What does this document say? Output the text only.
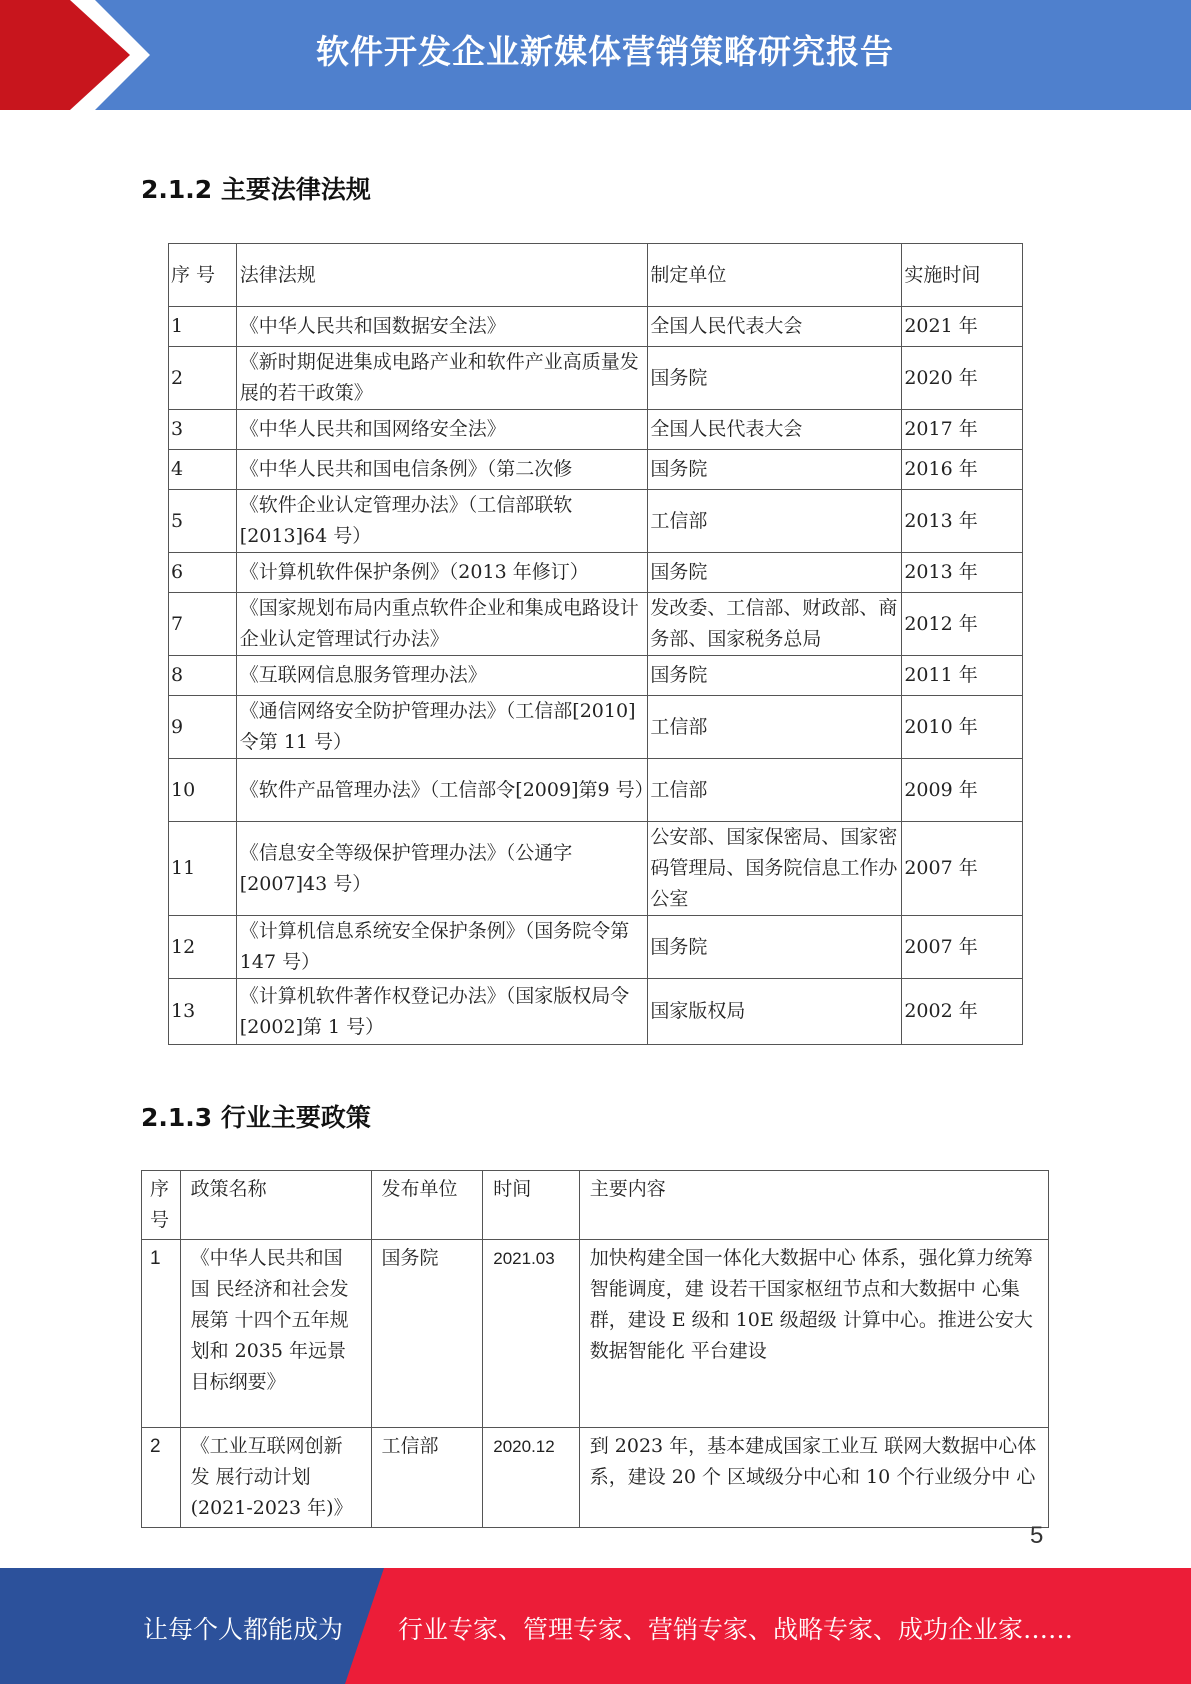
软件开发企业新媒体营销策略研究报告
2.1.2 主要法律法规
序 号	法律法规	制定单位	实施时间
1	《中华人民共和国数据安全法》	全国人民代表大会	2021 年
2	《新时期促进集成电路产业和软件产业高质量发展的若干政策》	国务院	2020 年
3	《中华人民共和国网络安全法》	全国人民代表大会	2017 年
4	《中华人民共和国电信条例》（第二次修	国务院	2016 年
5	《软件企业认定管理办法》（工信部联软[2013]64 号）	工信部	2013 年
6	《计算机软件保护条例》（2013 年修订）	国务院	2013 年
7	《国家规划布局内重点软件企业和集成电路设计企业认定管理试行办法》	发改委、工信部、财政部、商务部、国家税务总局	2012 年
8	《互联网信息服务管理办法》	国务院	2011 年
9	《通信网络安全防护管理办法》（工信部[2010]令第 11 号）	工信部	2010 年
10	《软件产品管理办法》（工信部令[2009]第9 号）	工信部	2009 年
11	《信息安全等级保护管理办法》（公通字[2007]43 号）	公安部、国家保密局、国家密码管理局、国务院信息工作办公室	2007 年
12	《计算机信息系统安全保护条例》（国务院令第 147 号）	国务院	2007 年
13	《计算机软件著作权登记办法》（国家版权局令[2002]第 1 号）	国家版权局	2002 年
2.1.3 行业主要政策
序号	政策名称	发布单位	时间	主要内容
1	《中华人民共和国国 民经济和社会发展第 十四个五年规划和 2035 年远景目标纲要》	国务院	2021.03	加快构建全国一体化大数据中心 体系，强化算力统筹智能调度，建 设若干国家枢纽节点和大数据中 心集群，建设 E 级和 10E 级超级 计算中心。推进公安大数据智能化 平台建设
2	《工业互联网创新发 展行动计划(2021-2023 年)》	工信部	2020.12	到 2023 年，基本建成国家工业互 联网大数据中心体系，建设 20 个 区域级分中心和 10 个行业级分中 心
5
让每个人都能成为 行业专家、管理专家、营销专家、战略专家、成功企业家……
